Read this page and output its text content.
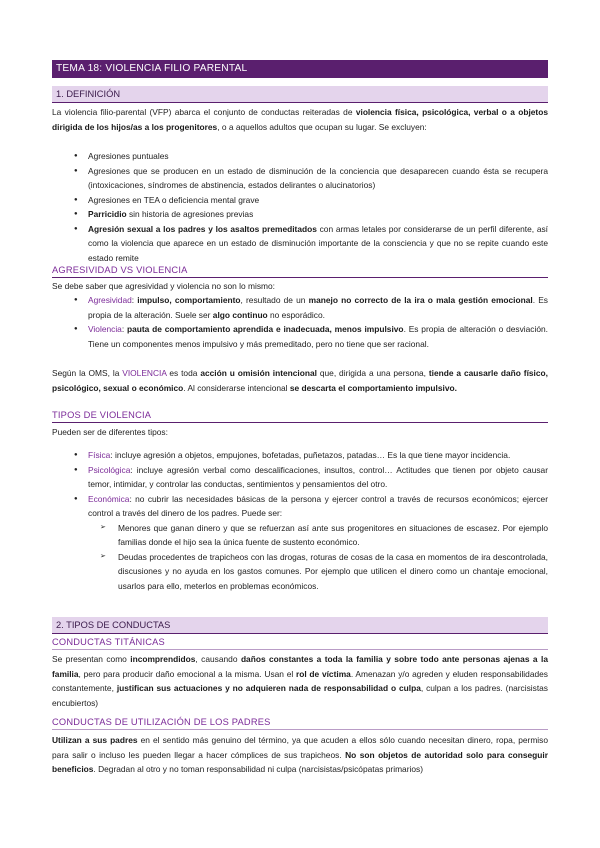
TEMA 18: VIOLENCIA FILIO PARENTAL
1. DEFINICIÓN

La violencia filio-parental (VFP) abarca el conjunto de conductas reiteradas de violencia física, psicológica, verbal o a objetos dirigida de los hijos/as a los progenitores, o a aquellos adultos que ocupan su lugar. Se excluyen:

● Agresiones puntuales
● Agresiones que se producen en un estado de disminución de la conciencia que desaparecen cuando ésta se recupera (intoxicaciones, síndromes de abstinencia, estados delirantes o alucinatorios)
● Agresiones en TEA o deficiencia mental grave
● Parricidio sin historia de agresiones previas
● Agresión sexual a los padres y los asaltos premeditados con armas letales por considerarse de un perfil diferente, así como la violencia que aparece en un estado de disminución importante de la consciencia y que no se repite cuando este estado remite
AGRESIVIDAD VS VIOLENCIA

Se debe saber que agresividad y violencia no son lo mismo:

● Agresividad: impulso, comportamiento, resultado de un manejo no correcto de la ira o mala gestión emocional. Es propia de la alteración. Suele ser algo continuo no esporádico.
● Violencia: pauta de comportamiento aprendida e inadecuada, menos impulsivo. Es propia de alteración o desviación. Tiene un componentes menos impulsivo y más premeditado, pero no tiene que ser racional.

Según la OMS, la VIOLENCIA es toda acción u omisión intencional que, dirigida a una persona, tiende a causarle daño físico, psicológico, sexual o económico. Al considerarse intencional se descarta el comportamiento impulsivo.

TIPOS DE VIOLENCIA

Pueden ser de diferentes tipos:

● Física: incluye agresión a objetos, empujones, bofetadas, puñetazos, patadas… Es la que tiene mayor incidencia.
● Psicológica: incluye agresión verbal como descalificaciones, insultos, control… Actitudes que tienen por objeto causar temor, intimidar, y controlar las conductas, sentimientos y pensamientos del otro.
● Económica: no cubrir las necesidades básicas de la persona y ejercer control a través de recursos económicos; ejercer control a través del dinero de los padres. Puede ser:
➢ Menores que ganan dinero y que se refuerzan así ante sus progenitores en situaciones de escasez. Por ejemplo familias donde el hijo sea la única fuente de sustento económico.
➢ Deudas procedentes de trapicheos con las drogas, roturas de cosas de la casa en momentos de ira descontrolada, discusiones y no ayuda en los gastos comunes. Por ejemplo que utilicen el dinero como un chantaje emocional, usarlos para ello, meterlos en problemas económicos.
2. TIPOS DE CONDUCTAS
CONDUCTAS TITÁNICAS

Se presentan como incomprendidos, causando daños constantes a toda la familia y sobre todo ante personas ajenas a la familia, pero para producir daño emocional a la misma. Usan el rol de víctima. Amenazan y/o agreden y eluden responsabilidades constantemente, justifican sus actuaciones y no adquieren nada de responsabilidad o culpa, culpan a los padres. (narcisistas encubiertos)

CONDUCTAS DE UTILIZACIÓN DE LOS PADRES

Utilizan a sus padres en el sentido más genuino del término, ya que acuden a ellos sólo cuando necesitan dinero, ropa, permiso para salir o incluso les pueden llegar a hacer cómplices de sus trapicheos. No son objetos de autoridad solo para conseguir beneficios. Degradan al otro y no toman responsabilidad ni culpa (narcisistas/psicópatas primarios)
